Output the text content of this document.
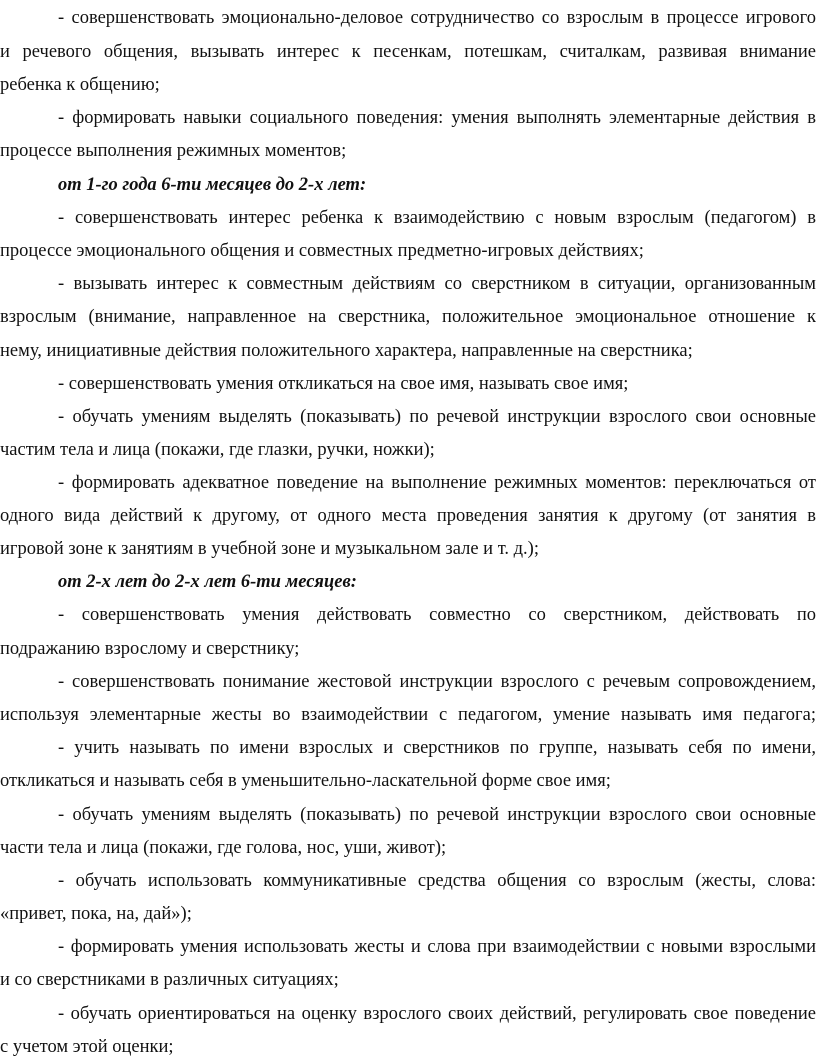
- совершенствовать эмоционально-деловое сотрудничество со взрослым в процессе игрового
и речевого общения, вызывать интерес к песенкам, потешкам, считалкам, развивая внимание
ребенка к общению;
- формировать навыки социального поведения: умения выполнять элементарные действия в
процессе выполнения режимных моментов;
от 1-го года 6-ти месяцев до 2-х лет:
- совершенствовать интерес ребенка к взаимодействию с новым взрослым (педагогом) в
процессе эмоционального общения и совместных предметно-игровых действиях;
- вызывать интерес к совместным действиям со сверстником в ситуации, организованным
взрослым (внимание, направленное на сверстника, положительное эмоциональное отношение к
нему, инициативные действия положительного характера, направленные на сверстника;
- совершенствовать умения откликаться на свое имя, называть свое имя;
- обучать умениям выделять (показывать) по речевой инструкции взрослого свои основные
частим тела и лица (покажи, где глазки, ручки, ножки);
- формировать адекватное поведение на выполнение режимных моментов: переключаться от
одного вида действий к другому, от одного места проведения занятия к другому (от занятия в
игровой зоне к занятиям в учебной зоне и музыкальном зале и т. д.);
от 2-х лет до 2-х лет 6-ти месяцев:
- совершенствовать умения действовать совместно со сверстником, действовать по
подражанию взрослому и сверстнику;
- совершенствовать понимание жестовой инструкции взрослого с речевым сопровождением,
используя элементарные жесты во взаимодействии с педагогом, умение называть имя педагога;
- учить называть по имени взрослых и сверстников по группе, называть себя по имени,
откликаться и называть себя в уменьшительно-ласкательной форме свое имя;
- обучать умениям выделять (показывать) по речевой инструкции взрослого свои основные
части тела и лица (покажи, где голова, нос, уши, живот);
- обучать использовать коммуникативные средства общения со взрослым (жесты, слова:
«привет, пока, на, дай»);
- формировать умения использовать жесты и слова при взаимодействии с новыми взрослыми
и со сверстниками в различных ситуациях;
- обучать ориентироваться на оценку взрослого своих действий, регулировать свое поведение
с учетом этой оценки;
